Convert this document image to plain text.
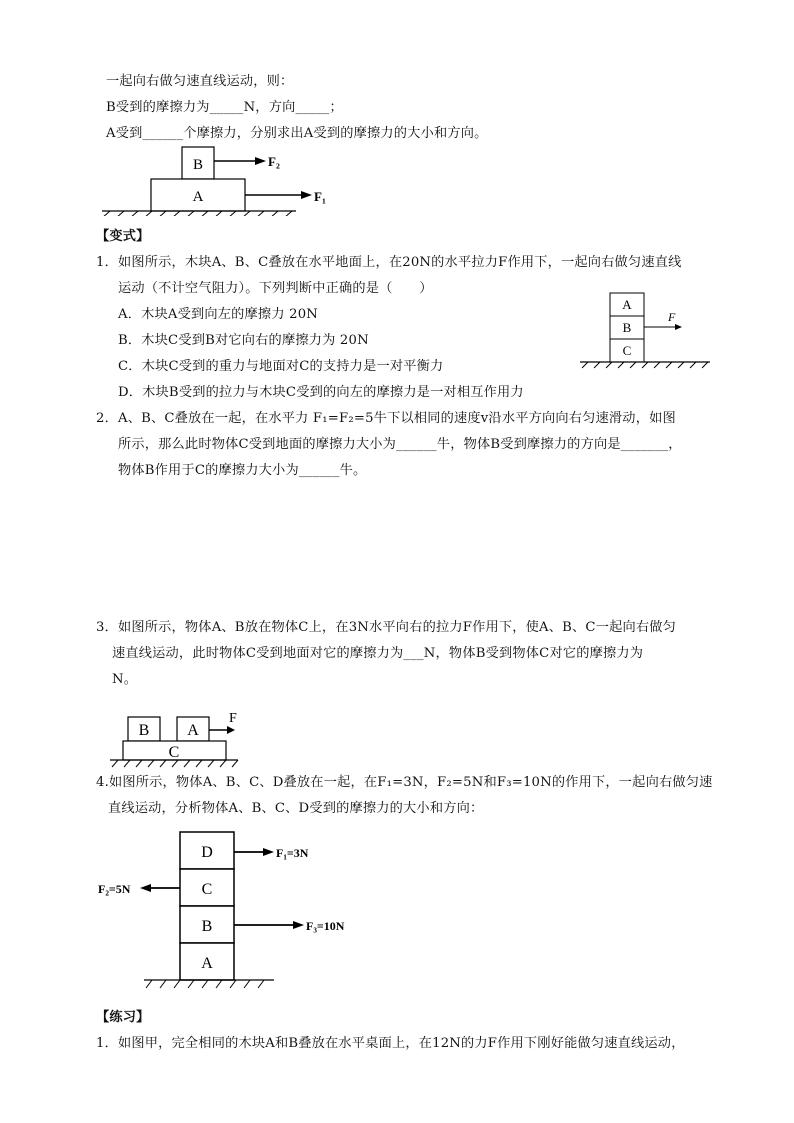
一起向右做匀速直线运动，则：
B受到的摩擦力为_____N，方向_____；
A受到______个摩擦力，分别求出A受到的摩擦力的大小和方向。
B
A
F₂
F₁
【变式】
1．如图所示，木块A、B、C叠放在水平地面上，在20N的水平拉力F作用下，一起向右做匀速直线
运动（不计空气阻力）。下列判断中正确的是（　　）
A．木块A受到向左的摩擦力 20N
B．木块C受到B对它向右的摩擦力为 20N
C．木块C受到的重力与地面对C的支持力是一对平衡力
D．木块B受到的拉力与木块C受到的向左的摩擦力是一对相互作用力
A
B
C
F
2．A、B、C叠放在一起，在水平力 F₁=F₂=5牛下以相同的速度v沿水平方向向右匀速滑动，如图
所示，那么此时物体C受到地面的摩擦力大小为______牛，物体B受到摩擦力的方向是_______，
物体B作用于C的摩擦力大小为______牛。
3．如图所示，物体A、B放在物体C上，在3N水平向右的拉力F作用下，使A、B、C一起向右做匀
速直线运动，此时物体C受到地面对它的摩擦力为___N，物体B受到物体C对它的摩擦力为
N。
B A
C
F
4.如图所示，物体A、B、C、D叠放在一起，在F₁=3N，F₂=5N和F₃=10N的作用下，一起向右做匀速
直线运动，分析物体A、B、C、D受到的摩擦力的大小和方向：
D
C
B
A
F₁=3N
F₂=5N
F₃=10N
【练习】
1．如图甲，完全相同的木块A和B叠放在水平桌面上，在12N的力F作用下刚好能做匀速直线运动，
